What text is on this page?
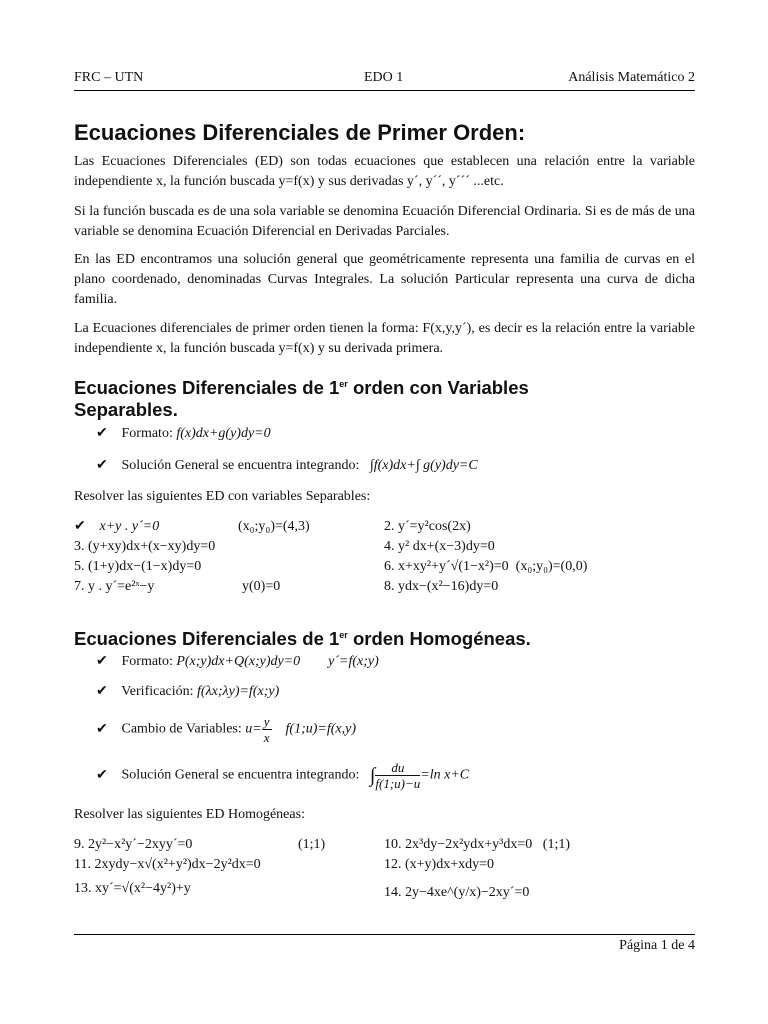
FRC – UTN	EDO 1	Análisis Matemático 2
Ecuaciones Diferenciales de Primer Orden:

Las Ecuaciones Diferenciales (ED) son todas ecuaciones que establecen una relación entre la variable independiente x, la función buscada y=f(x) y sus derivadas y´, y´´, y´´´ ...etc.

Si la función buscada es de una sola variable se denomina Ecuación Diferencial Ordinaria. Si es de más de una variable se denomina Ecuación Diferencial en Derivadas Parciales.

En las ED encontramos una solución general que geométricamente representa una familia de curvas en el plano coordenado, denominadas Curvas Integrales. La solución Particular representa una curva de dicha familia.

La Ecuaciones diferenciales de primer orden tienen la forma: F(x,y,y´), es decir es la relación entre la variable independiente x, la función buscada y=f(x) y su derivada primera.

Ecuaciones Diferenciales de 1er orden con Variables
Separables.
✔ Formato: f(x)dx+g(y)dy=0
✔ Solución General se encuentra integrando: ∫f(x)dx+∫ g(y)dy=C
Resolver las siguientes ED con variables Separables:
✔ x+y . y´=0	(x₀;y₀)=(4,3)	2. y´=y²cos(2x)
3. (y+xy)dx+(x−xy)dy=0	4. y² dx+(x−3)dy=0
5. (1+y)dx−(1−x)dy=0	6. x+xy²+y´√(1−x²)=0 (x₀;y₀)=(0,0)
7. y . y´=e²ˣ−y	y(0)=0	8. ydx−(x²−16)dy=0
Ecuaciones Diferenciales de 1er orden Homogéneas.
✔ Formato: P(x;y)dx+Q(x;y)dy=0 y´=f(x;y)
✔ Verificación: f(λx;λy)=f(x;y)
✔ Cambio de Variables: $u= \frac{y}{x}$ f(1;u)=f(x,y)
✔ Solución General se encuentra integrando: ∫ $\frac{du}{f(1;u)-u} =\ln$ x+C
Resolver las siguientes ED Homogéneas:
9. 2y²−x²y´−2xyy´=0	(1;1)	10. 2x³dy−2x²ydx+y³dx=0 (1;1)
11. 2xydy−x√(x²+y²)dx−2y²dx=0	12. (x+y)dx+xdy=0
13. xy´=√(x²−4y²)+y	14. 2y−4xe^(y/x)−2xy´=0
Página 1 de 4
